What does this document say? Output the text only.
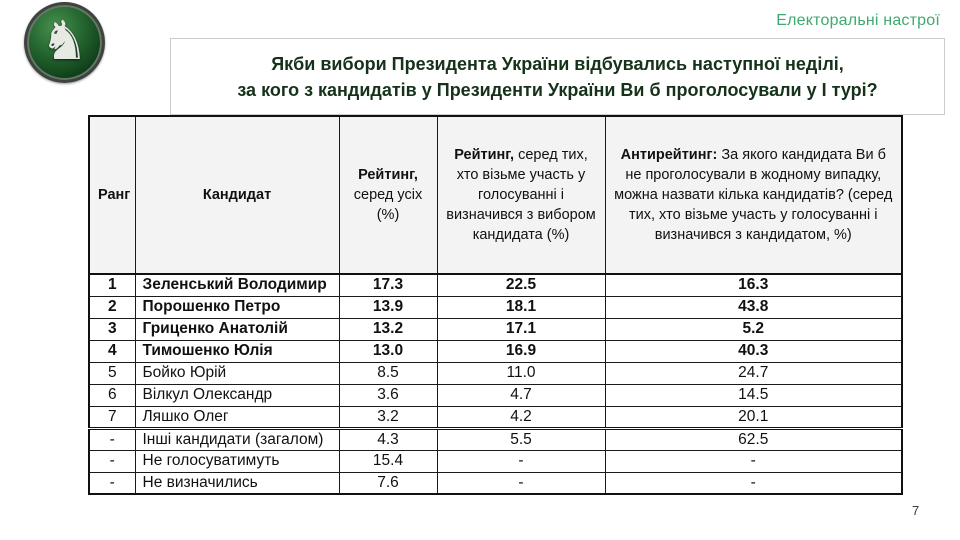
♞	Електоральні настрої
Якби вибори Президента України відбувались наступної неділі,
за кого з кандидатів у Президенти України Ви б проголосували у І турі?
Ранг	Кандидат	Рейтинг, серед усіх (%)	Рейтинг, серед тих, хто візьме участь у голосуванні і визначився з вибором кандидата (%)	Антирейтинг: За якого кандидата Ви б не проголосували в жодному випадку, можна назвати кілька кандидатів? (серед тих, хто візьме участь у голосуванні і визначився з кандидатом, %)
1	Зеленський Володимир	17.3	22.5	16.3
2	Порошенко Петро	13.9	18.1	43.8
3	Гриценко Анатолій	13.2	17.1	5.2
4	Тимошенко Юлія	13.0	16.9	40.3
5	Бойко Юрій	8.5	11.0	24.7
6	Вілкул Олександр	3.6	4.7	14.5
7	Ляшко Олег	3.2	4.2	20.1
-	Інші кандидати (загалом)	4.3	5.5	62.5
-	Не голосуватимуть	15.4	-	-
-	Не визначились	7.6	-	-
7
